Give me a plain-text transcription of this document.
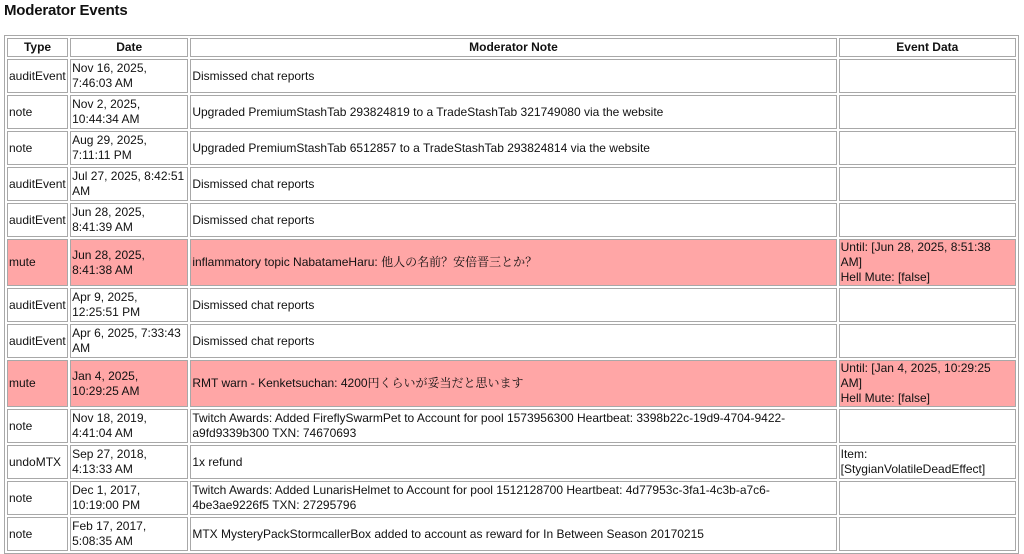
Moderator Events
Type	Date	Moderator Note	Event Data
auditEvent	Nov 16, 2025, 7:46:03 AM	Dismissed chat reports	
note	Nov 2, 2025, 10:44:34 AM	Upgraded PremiumStashTab 293824819 to a TradeStashTab 321749080 via the website	
note	Aug 29, 2025, 7:11:11 PM	Upgraded PremiumStashTab 6512857 to a TradeStashTab 293824814 via the website	
auditEvent	Jul 27, 2025, 8:42:51 AM	Dismissed chat reports	
auditEvent	Jun 28, 2025, 8:41:39 AM	Dismissed chat reports	
mute	Jun 28, 2025, 8:41:38 AM	inflammatory topic NabatameHaru: 他人の名前？安倍晋三とか？	Until: [Jun 28, 2025, 8:51:38 AM]
Hell Mute: [false]

auditEvent	Apr 9, 2025, 12:25:51 PM	Dismissed chat reports	
auditEvent	Apr 6, 2025, 7:33:43 AM	Dismissed chat reports	
mute	Jan 4, 2025, 10:29:25 AM	RMT warn - Kenketsuchan: 4200円くらいが妥当だと思います	Until: [Jan 4, 2025, 10:29:25 AM]
Hell Mute: [false]

note	Nov 18, 2019, 4:41:04 AM	Twitch Awards: Added FireflySwarmPet to Account for pool 1573956300 Heartbeat: 3398b22c-19d9-4704-9422-a9fd9339b300 TXN: 74670693	
undoMTX	Sep 27, 2018, 4:13:33 AM	1x refund	Item: [StygianVolatileDeadEffect]

note	Dec 1, 2017, 10:19:00 PM	Twitch Awards: Added LunarisHelmet to Account for pool 1512128700 Heartbeat: 4d77953c-3fa1-4c3b-a7c6-4be3ae9226f5 TXN: 27295796	
note	Feb 17, 2017, 5:08:35 AM	MTX MysteryPackStormcallerBox added to account as reward for In Between Season 20170215	
